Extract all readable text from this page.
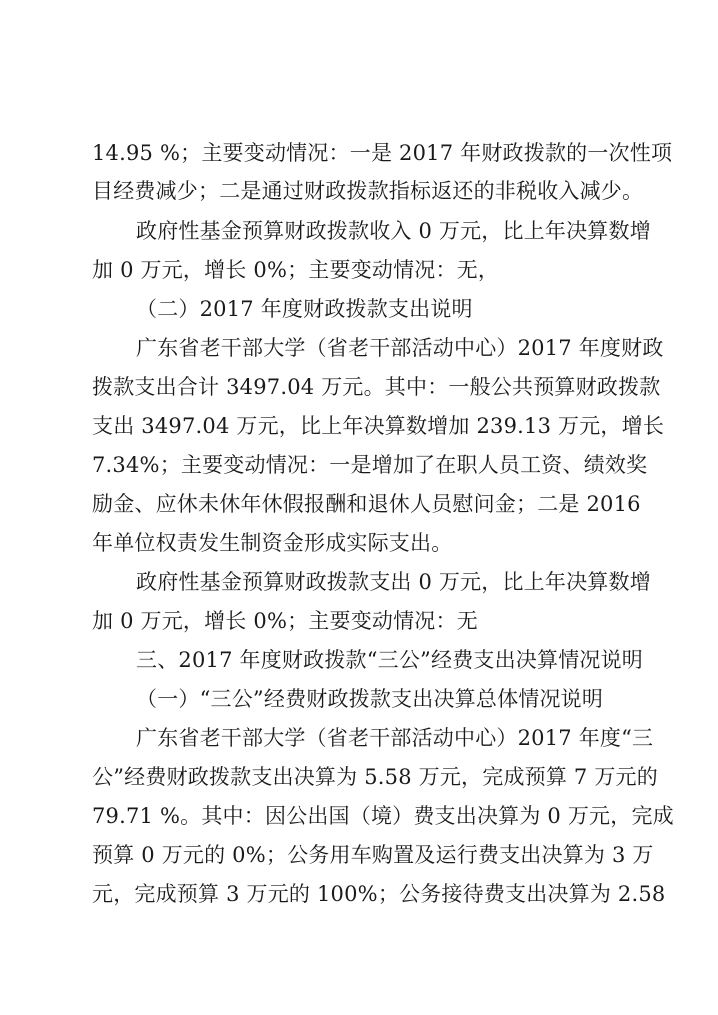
14.95 %；主要变动情况：一是 2017 年财政拨款的一次性项
目经费减少；二是通过财政拨款指标返还的非税收入减少。
政府性基金预算财政拨款收入 0 万元，比上年决算数增
加 0 万元，增长 0%；主要变动情况：无，
（二）2017 年度财政拨款支出说明
广东省老干部大学（省老干部活动中心）2017 年度财政
拨款支出合计 3497.04 万元。其中：一般公共预算财政拨款
支出 3497.04 万元，比上年决算数增加 239.13 万元，增长
7.34%；主要变动情况：一是增加了在职人员工资、绩效奖
励金、应休未休年休假报酬和退休人员慰问金；二是 2016
年单位权责发生制资金形成实际支出。
政府性基金预算财政拨款支出 0 万元，比上年决算数增
加 0 万元，增长 0%；主要变动情况：无
三、2017 年度财政拨款“三公”经费支出决算情况说明
（一）“三公”经费财政拨款支出决算总体情况说明
广东省老干部大学（省老干部活动中心）2017 年度“三
公”经费财政拨款支出决算为 5.58 万元，完成预算 7 万元的
79.71 %。其中：因公出国（境）费支出决算为 0 万元，完成
预算 0 万元的 0%；公务用车购置及运行费支出决算为 3 万
元，完成预算 3 万元的 100%；公务接待费支出决算为 2.58
